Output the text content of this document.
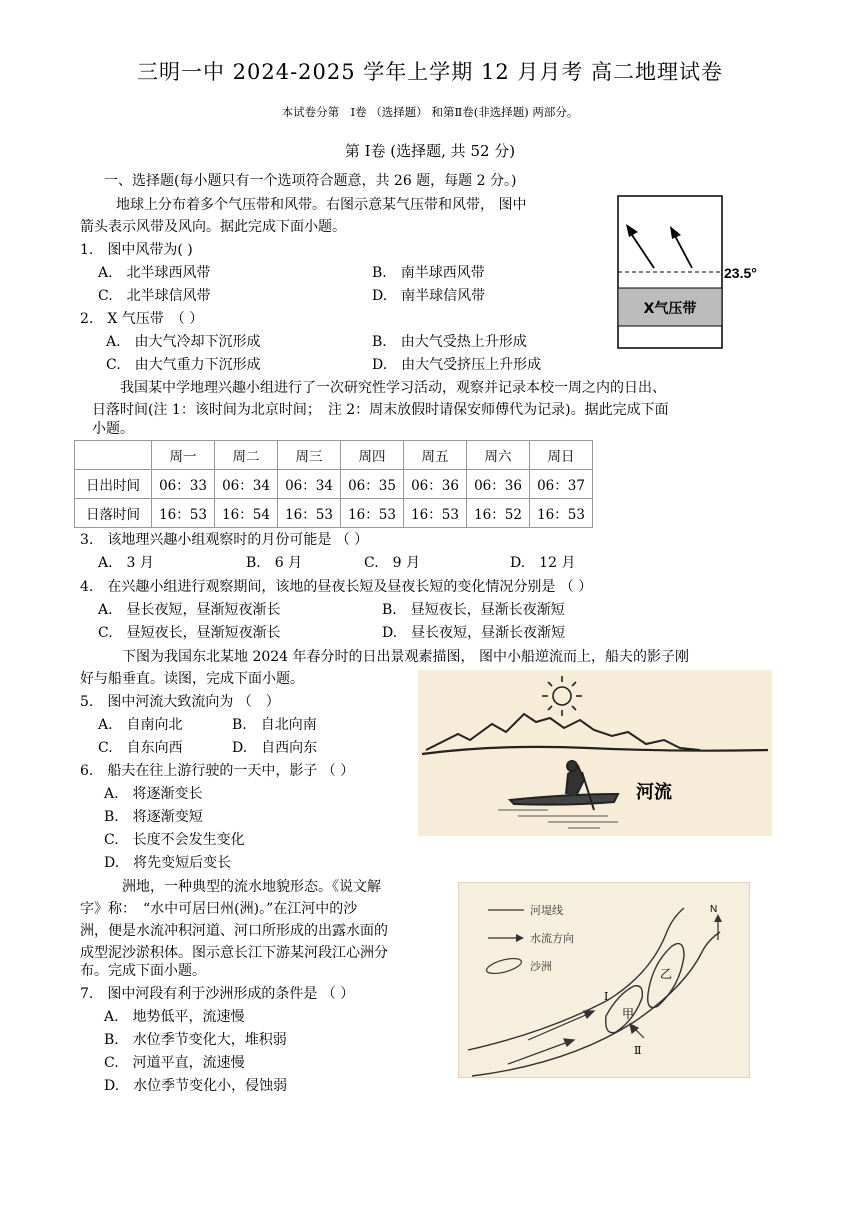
三明一中 2024-2025 学年上学期 12 月月考 高二地理试卷
本试卷分第　Ⅰ卷 （选择题） 和第Ⅱ卷(非选择题) 两部分。
第 Ⅰ卷 (选择题, 共 52 分)
一、选择题(每小题只有一个选项符合题意，共 26 题，每题 2 分。)
地球上分布着多个气压带和风带。右图示意某气压带和风带， 图中
箭头表示风带及风向。据此完成下面小题。
1.　图中风带为( )
A.　北半球西风带	B.　南半球西风带
C.　北半球信风带	D.　南半球信风带
2.　X 气压带　（ ）
A.　由大气冷却下沉形成	B.　由大气受热上升形成
C.　由大气重力下沉形成	D.　由大气受挤压上升形成
23.5°
X气压带
我国某中学地理兴趣小组进行了一次研究性学习活动，观察并记录本校一周之内的日出、
日落时间(注 1：该时间为北京时间；　注 2：周末放假时请保安师傅代为记录)。据此完成下面
小题。
	周一	周二	周三	周四	周五	周六	周日
日出时间	06：33	06：34	06：34	06：35	06：36	06：36	06：37
日落时间	16：53	16：54	16：53	16：53	16：53	16：52	16：53
3.　该地理兴趣小组观察时的月份可能是 （ ）
A.　3 月	B.　6 月	C.　9 月	D.　12 月
4.　在兴趣小组进行观察期间，该地的昼夜长短及昼夜长短的变化情况分别是 （ ）
A.　昼长夜短，昼渐短夜渐长	B.　昼短夜长，昼渐长夜渐短
C.　昼短夜长，昼渐短夜渐长	D.　昼长夜短，昼渐长夜渐短
下图为我国东北某地 2024 年春分时的日出景观素描图， 图中小船逆流而上，船夫的影子刚
好与船垂直。读图，完成下面小题。
5.　图中河流大致流向为 （　）
A.　自南向北	B.　自北向南
C.　自东向西	D.　自西向东
6.　船夫在往上游行驶的一天中，影子 （ ）
A.　将逐渐变长
B.　将逐渐变短
C.　长度不会发生变化
D.　将先变短后变长
河流
洲地，一种典型的流水地貌形态。《说文解
字》称：　“水中可居曰州(洲)。”在江河中的沙
洲，便是水流冲积河道、河口所形成的出露水面的
成型泥沙淤积体。图示意长江下游某河段江心洲分
布。完成下面小题。
7.　图中河段有利于沙洲形成的条件是 （ ）
A.　地势低平，流速慢
B.　水位季节变化大，堆积弱
C.　河道平直，流速慢
D.　水位季节变化小，侵蚀弱
河堤线
水流方向
沙洲
N
甲
乙
Ⅰ
Ⅱ
